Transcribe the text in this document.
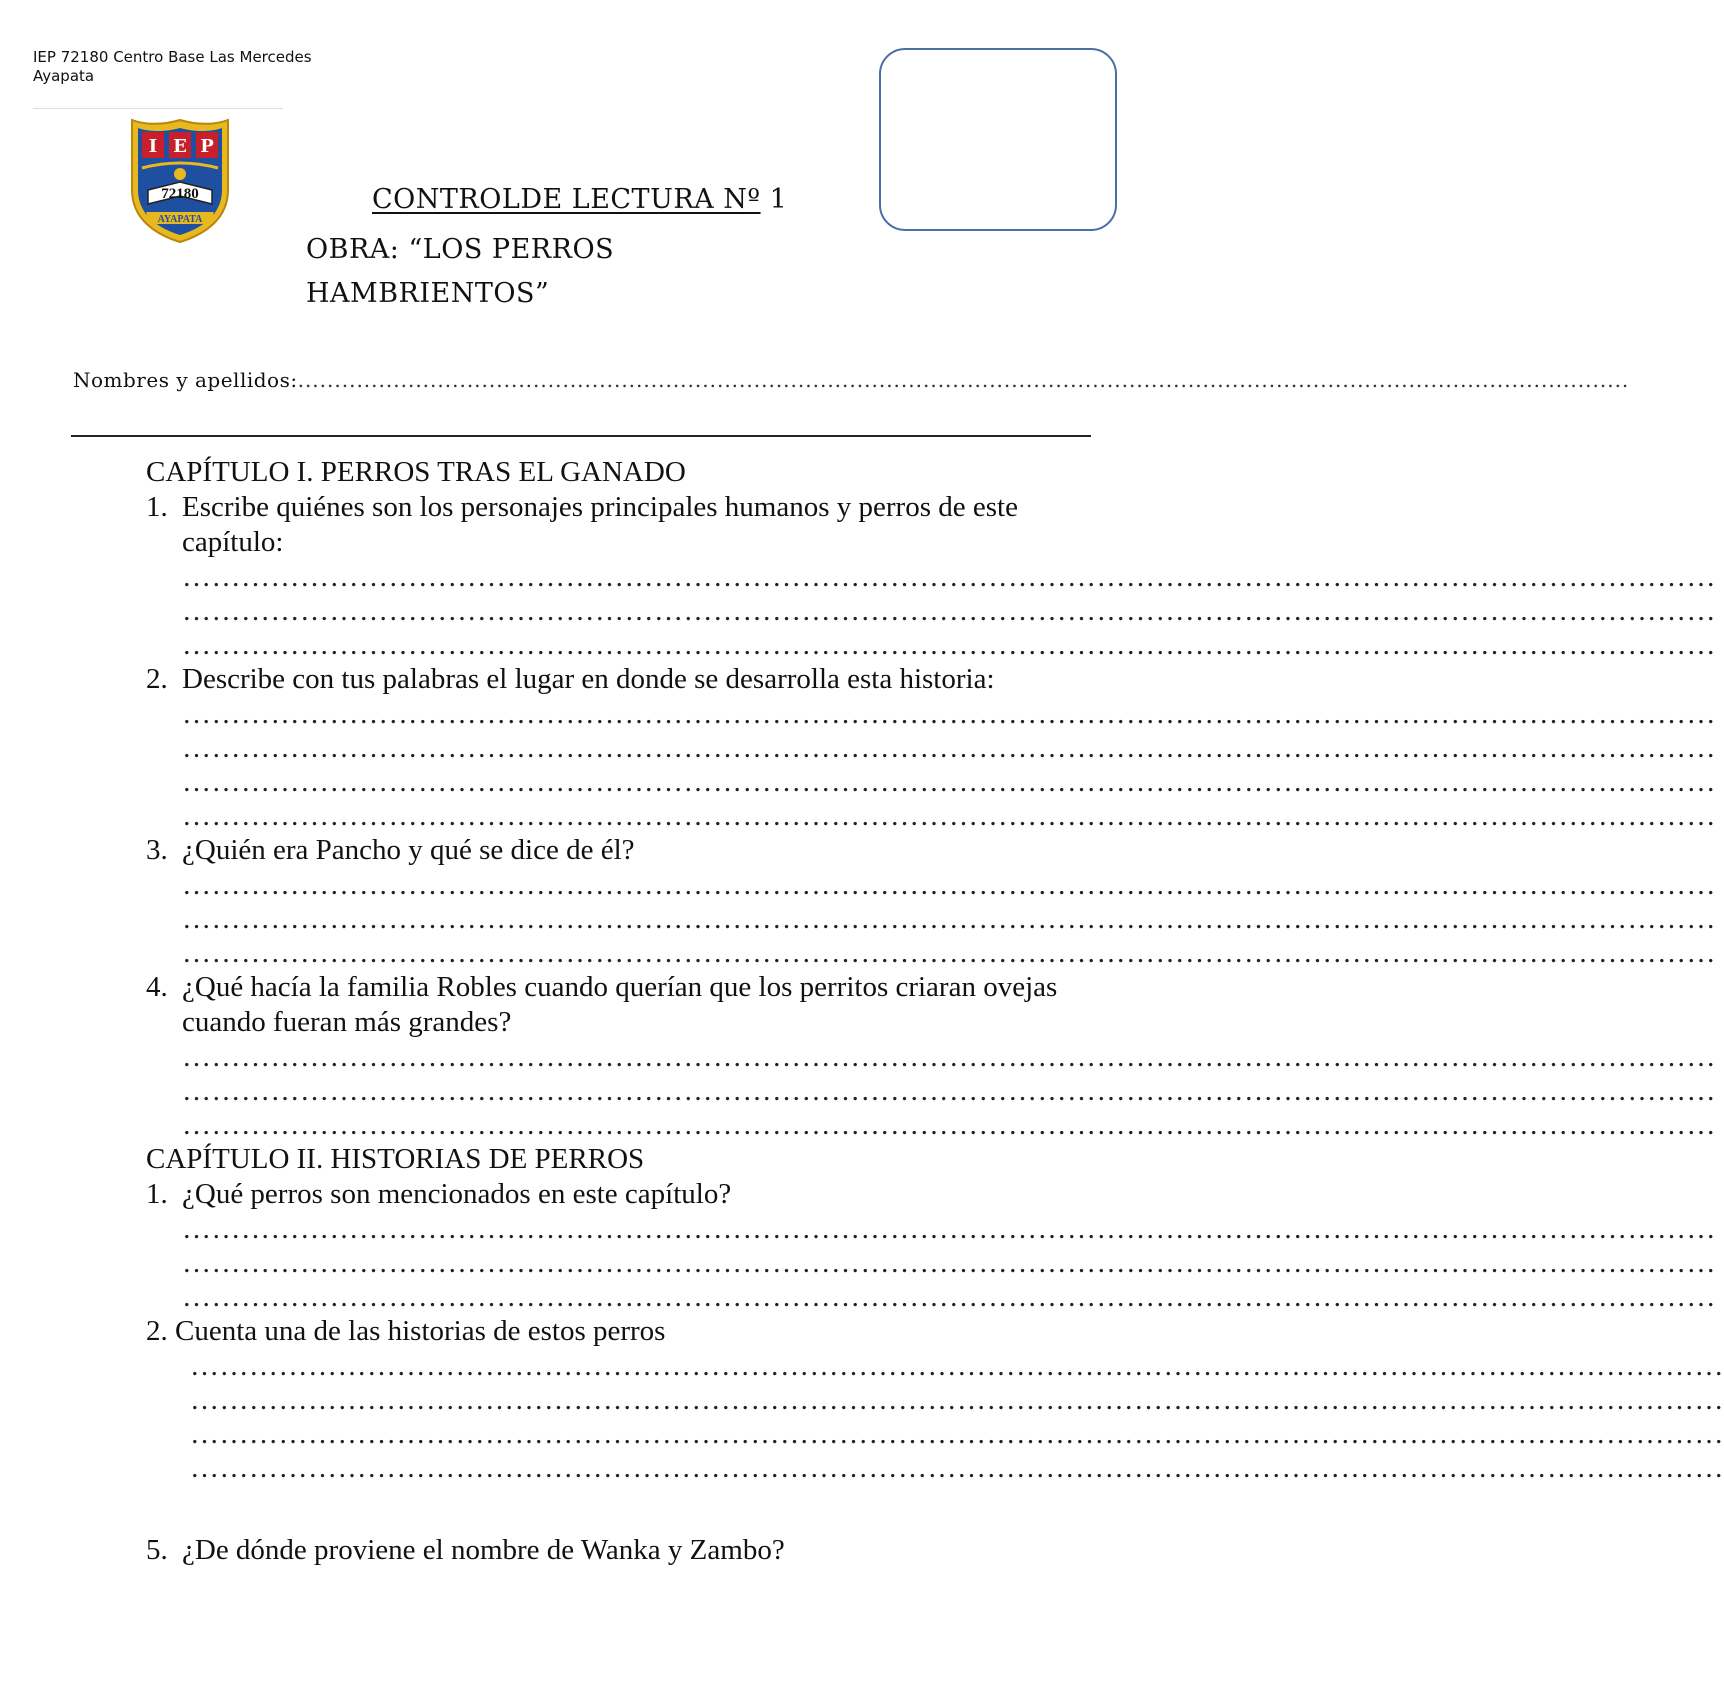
IEP 72180 Centro Base Las Mercedes
Ayapata
I E P
72180
AYAPATA
CONTROLDE LECTURA Nº 1
OBRA: “LOS PERROS
HAMBRIENTOS”
Nombres y apellidos:.....................................................................................................................................................................................
CAPÍTULO I. PERROS TRAS EL GANADO
1. Escribe quiénes son los personajes principales humanos y perros de este capítulo:
…………………………………………………………………………………………………………………………………………
…………………………………………………………………………………………………………………………………………
…………………………………………………………………………………………………………………………………………
2. Describe con tus palabras el lugar en donde se desarrolla esta historia:
…………………………………………………………………………………………………………………………………………
…………………………………………………………………………………………………………………………………………
…………………………………………………………………………………………………………………………………………
…………………………………………………………………………………………………………………………………………
3. ¿Quién era Pancho y qué se dice de él?
…………………………………………………………………………………………………………………………………………
…………………………………………………………………………………………………………………………………………
…………………………………………………………………………………………………………………………………………
4. ¿Qué hacía la familia Robles cuando querían que los perritos criaran ovejas cuando fueran más grandes?
…………………………………………………………………………………………………………………………………………
…………………………………………………………………………………………………………………………………………
…………………………………………………………………………………………………………………………………………
CAPÍTULO II. HISTORIAS DE PERROS
1. ¿Qué perros son mencionados en este capítulo?
…………………………………………………………………………………………………………………………………………
…………………………………………………………………………………………………………………………………………
…………………………………………………………………………………………………………………………………………
2. Cuenta una de las historias de estos perros
…………………………………………………………………………………………………………………………………………
…………………………………………………………………………………………………………………………………………
…………………………………………………………………………………………………………………………………………
…………………………………………………………………………………………………………………………………………
5. ¿De dónde proviene el nombre de Wanka y Zambo?
